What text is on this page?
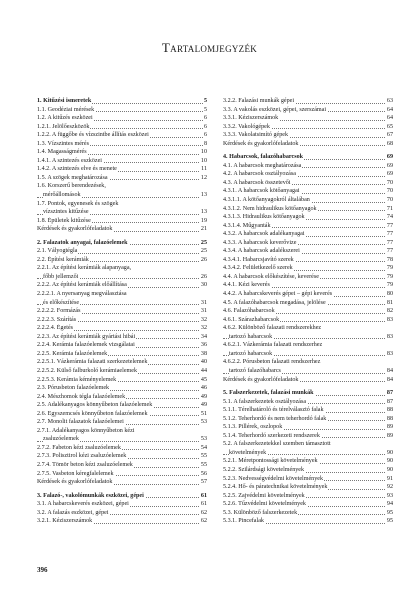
Tartalomjegyzék
1. Kitűzési ismeretek	5
1.1. Geodéziai mérések	5
1.2. A kitűzés eszközei	6
1.2.1. Jelölőeszközök	6
1.2.2. A függőbe és vízszintbe állítás eszközei	6
1.3. Vízszintes mérés	8
1.4. Magasságmérés	10
1.4.1. A szintezés eszközei	10
1.4.2. A szintezés elve és menete	11
1.5. A szögek meghatározása	12
1.6. Korszerű berendezések,
mérőállomások	13
1.7. Pontok, egyenesek és szögek
vízszintes kitűzése	13
1.8. Épületek kitűzése	19
Kérdések és gyakorlófeladatok	21
2. Falazatok anyagai, falazóelemek	25
2.1. Vályogtégla	25
2.2. Építési kerámiák	26
2.2.1. Az építési kerámiák alapanyaga,
főbb jellemzői	26
2.2.2. Az építési kerámiák előállítása	30
2.2.2.1. A nyersanyag megválasztása
és előkészítése	31
2.2.2.2. Formázás	31
2.2.2.3. Szárítás	32
2.2.2.4. Égetés	32
2.2.3. Az építési kerámiák gyártási hibái	34
2.2.4. Kerámia falazóelemek vizsgálatai	36
2.2.5. Kerámia falazóelemek	38
2.2.5.1. Vázkerámia falazati szerkezetelemek	40
2.2.5.2. Külső falburkoló kerámiaelemek	44
2.2.5.3. Kerámia kéményelemek	45
2.3. Pórusbeton falazóelemek	46
2.4. Mészhomok tégla falazóelemek	49
2.5. Adalékanyagos könnyűbeton falazóelemek	49
2.6. Egyszemcsés könnyűbeton falazóelemek	51
2.7. Monolit falazatok falazóelemei	53
2.7.1. Adalékanyagos könnyűbeton kézi
zsaluzóelemek	53
2.7.2. Fabeton kézi zsaluzóelemek	54
2.7.3. Polisztirol kézi zsaluzóelemek	55
2.7.4. Tömör beton kézi zsaluzóelemek	55
2.7.5. Vasbeton kéregfalelemek	56
Kérdések és gyakorlófeladatok	57
3. Falazó-, vakolómunkák eszközei, gépei	61
3.1. A habarcskeverés eszközei, gépei	61
3.2. A falazás eszközei, gépei	62
3.2.1. Kéziszerszámok	62
3.2.2. Falazási munkák gépei	63
3.3. A vakolás eszközei, gépei, szerszámai	64
3.3.1. Kéziszerszámok	64
3.3.2. Vakológépek	65
3.3.3. Vakolatsimító gépek	67
Kérdések és gyakorlófeladatok	68
4. Habarcsok, falazóhabarcsok	69
4.1. A habarcsok meghatározása	69
4.2. A habarcsok osztályozása	69
4.3. A habarcsok összetevői	70
4.3.1. A habarcsok kötőanyagai	70
4.3.1.1. A kötőanyagokról általában	70
4.3.1.2. Nem hidraulikus kötőanyagok	71
4.3.1.3. Hidraulikus kötőanyagok	74
4.3.1.4. Műgyanták	77
4.3.2. A habarcsok adalékanyagai	77
4.3.3. A habarcsok keverővize	77
4.3.4. A habarcsok adalékszerei	77
4.3.4.1. Habarcsjavító szerek	78
4.3.4.2. Felületkezelő szerek	79
4.4. A habarcsok előkészítése, keverése	79
4.4.1. Kézi keverés	79
4.4.2. A habarcskeverés gépei – gépi keverés	80
4.5. A falazóhabarcsok megadása, jelölése	81
4.6. Falazóhabarcsok	82
4.6.1. Szárazhabarcsok	83
4.6.2. Különböző falazati rendszerekhez
tartozó habarcsok	83
4.6.2.1. Vázkerámia falazati rendszerhez
tartozó habarcsok	83
4.6.2.2. Pórusbeton falazati rendszerhez
tartozó falazóhabarcs	84
Kérdések és gyakorlófeladatok	84
5. Falszerkezetek, falazási munkák	87
5.1. A falszerkezetek osztályozása	87
5.1.1. Térelhatároló és térelválasztó falak	88
5.1.2. Teherhordó és nem teherhordó falak	88
5.1.3. Pillérek, oszlopok	89
5.1.4. Teherhordó szerkezeti rendszerek	89
5.2. A falszerkezetekkel szemben támasztott
követelmények	90
5.2.1. Méretpontossági követelmények	90
5.2.2. Szilárdsági követelmények	90
5.2.3. Nedvességvédelmi követelmények	91
5.2.4. Hő- és páratechnikai követelmények	92
5.2.5. Zajvédelmi követelmények	93
5.2.6. Tűzvédelmi követelmények	94
5.3. Különböző falszerkezetek	95
5.3.1. Pincefalak	95
396
